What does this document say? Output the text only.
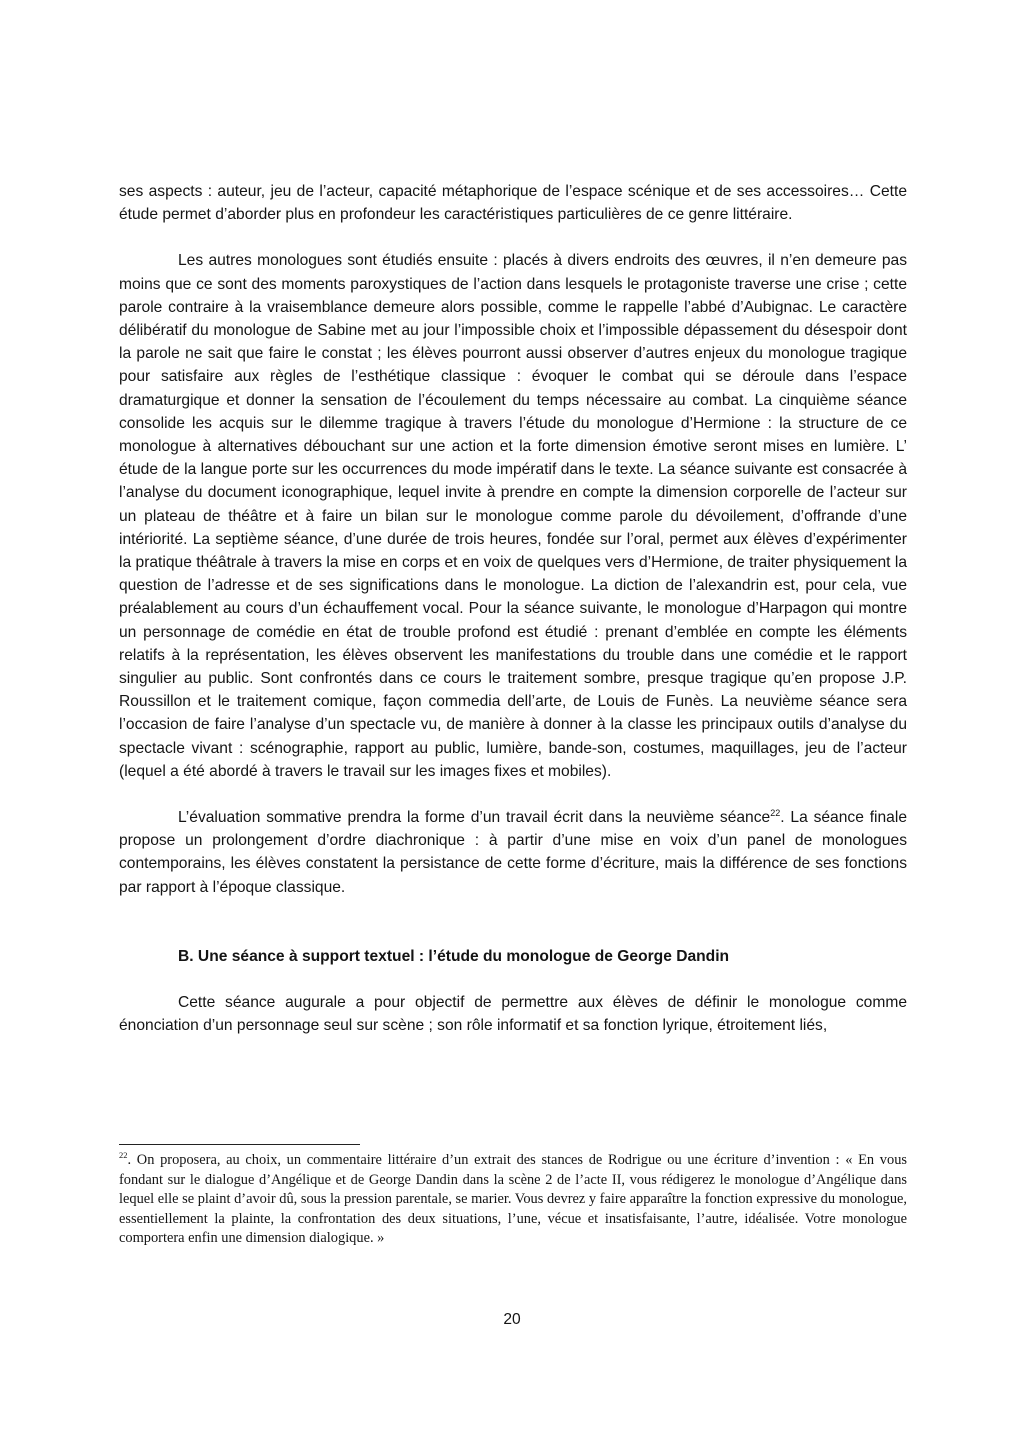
ses aspects : auteur, jeu de l’acteur, capacité métaphorique de l’espace scénique et de ses accessoires… Cette étude permet d’aborder plus en profondeur les caractéristiques particulières de ce genre littéraire.

Les autres monologues sont étudiés ensuite : placés à divers endroits des œuvres, il n’en demeure pas moins que ce sont des moments paroxystiques de l’action dans lesquels le protagoniste traverse une crise ; cette parole contraire à la vraisemblance demeure alors possible, comme le rappelle l’abbé d’Aubignac. Le caractère délibératif du monologue de Sabine met au jour l’impossible choix et l’impossible dépassement du désespoir dont la parole ne sait que faire le constat ; les élèves pourront aussi observer d’autres enjeux du monologue tragique pour satisfaire aux règles de l’esthétique classique : évoquer le combat qui se déroule dans l’espace dramaturgique et donner la sensation de l’écoulement du temps nécessaire au combat. La cinquième séance consolide les acquis sur le dilemme tragique à travers l’étude du monologue d’Hermione : la structure de ce monologue à alternatives débouchant sur une action et la forte dimension émotive seront mises en lumière. L’ étude de la langue porte sur les occurrences du mode impératif dans le texte. La séance suivante est consacrée à l’analyse du document iconographique, lequel invite à prendre en compte la dimension corporelle de l’acteur sur un plateau de théâtre et à faire un bilan sur le monologue comme parole du dévoilement, d’offrande d’une intériorité. La septième séance, d’une durée de trois heures, fondée sur l’oral, permet aux élèves d’expérimenter la pratique théâtrale à travers la mise en corps et en voix de quelques vers d’Hermione, de traiter physiquement la question de l’adresse et de ses significations dans le monologue. La diction de l’alexandrin est, pour cela, vue préalablement au cours d’un échauffement vocal. Pour la séance suivante, le monologue d’Harpagon qui montre un personnage de comédie en état de trouble profond est étudié : prenant d’emblée en compte les éléments relatifs à la représentation, les élèves observent les manifestations du trouble dans une comédie et le rapport singulier au public. Sont confrontés dans ce cours le traitement sombre, presque tragique qu’en propose J.P. Roussillon et le traitement comique, façon commedia dell’arte, de Louis de Funès. La neuvième séance sera l’occasion de faire l’analyse d’un spectacle vu, de manière à donner à la classe les principaux outils d’analyse du spectacle vivant : scénographie, rapport au public, lumière, bande-son, costumes, maquillages, jeu de l’acteur (lequel a été abordé à travers le travail sur les images fixes et mobiles).

L’évaluation sommative prendra la forme d’un travail écrit dans la neuvième séance$^{22}$. La séance finale propose un prolongement d’ordre diachronique : à partir d’une mise en voix d’un panel de monologues contemporains, les élèves constatent la persistance de cette forme d’écriture, mais la différence de ses fonctions par rapport à l’époque classique.

B. Une séance à support textuel : l’étude du monologue de George Dandin

Cette séance augurale a pour objectif de permettre aux élèves de définir le monologue comme énonciation d’un personnage seul sur scène ; son rôle informatif et sa fonction lyrique, étroitement liés,

$^{22}$. On proposera, au choix, un commentaire littéraire d’un extrait des stances de Rodrigue ou une écriture d’invention : « En vous fondant sur le dialogue d’Angélique et de George Dandin dans la scène 2 de l’acte II, vous rédigerez le monologue d’Angélique dans lequel elle se plaint d’avoir dû, sous la pression parentale, se marier. Vous devrez y faire apparaître la fonction expressive du monologue, essentiellement la plainte, la confrontation des deux situations, l’une, vécue et insatisfaisante, l’autre, idéalisée. Votre monologue comportera enfin une dimension dialogique. »

20
